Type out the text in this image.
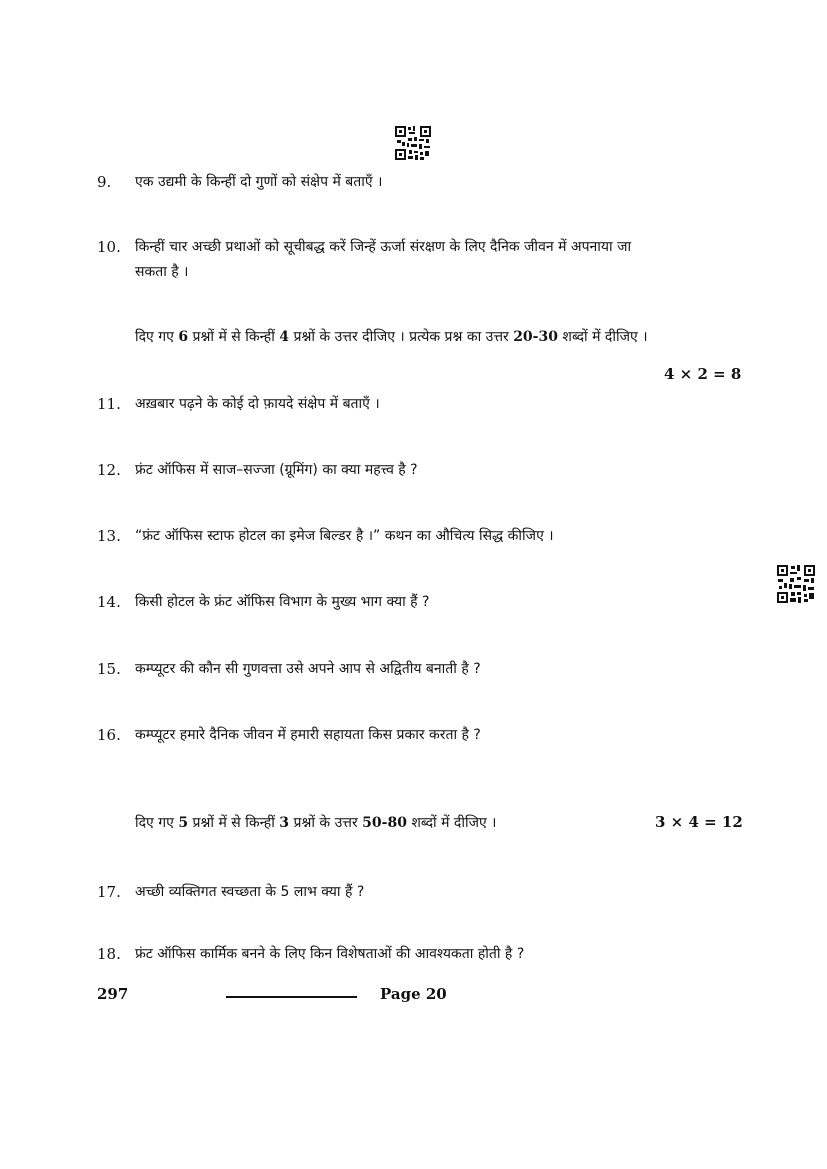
9.	एक उद्यमी के किन्हीं दो गुणों को संक्षेप में बताएँ ।
10.	किन्हीं चार अच्छी प्रथाओं को सूचीबद्ध करें जिन्हें ऊर्जा संरक्षण के लिए दैनिक जीवन में अपनाया जा
सकता है ।
दिए गए 6 प्रश्नों में से किन्हीं 4 प्रश्नों के उत्तर दीजिए । प्रत्येक प्रश्न का उत्तर 20-30 शब्दों में दीजिए ।
4 × 2 = 8
11.	अख़बार पढ़ने के कोई दो फ़ायदे संक्षेप में बताएँ ।
12.	फ्रंट ऑफिस में साज–सज्जा (ग्रूमिंग) का क्या महत्त्व है ?
13.	“फ्रंट ऑफिस स्टाफ होटल का इमेज बिल्डर है ।” कथन का औचित्य सिद्ध कीजिए ।
14.	किसी होटल के फ्रंट ऑफिस विभाग के मुख्य भाग क्या हैं ?
15.	कम्प्यूटर की कौन सी गुणवत्ता उसे अपने आप से अद्वितीय बनाती है ?
16.	कम्प्यूटर हमारे दैनिक जीवन में हमारी सहायता किस प्रकार करता है ?
दिए गए 5 प्रश्नों में से किन्हीं 3 प्रश्नों के उत्तर 50-80 शब्दों में दीजिए ।	3 × 4 = 12
17.	अच्छी व्यक्तिगत स्वच्छता के 5 लाभ क्या हैं ?
18.	फ्रंट ऑफिस कार्मिक बनने के लिए किन विशेषताओं की आवश्यकता होती है ?
297	Page 20
